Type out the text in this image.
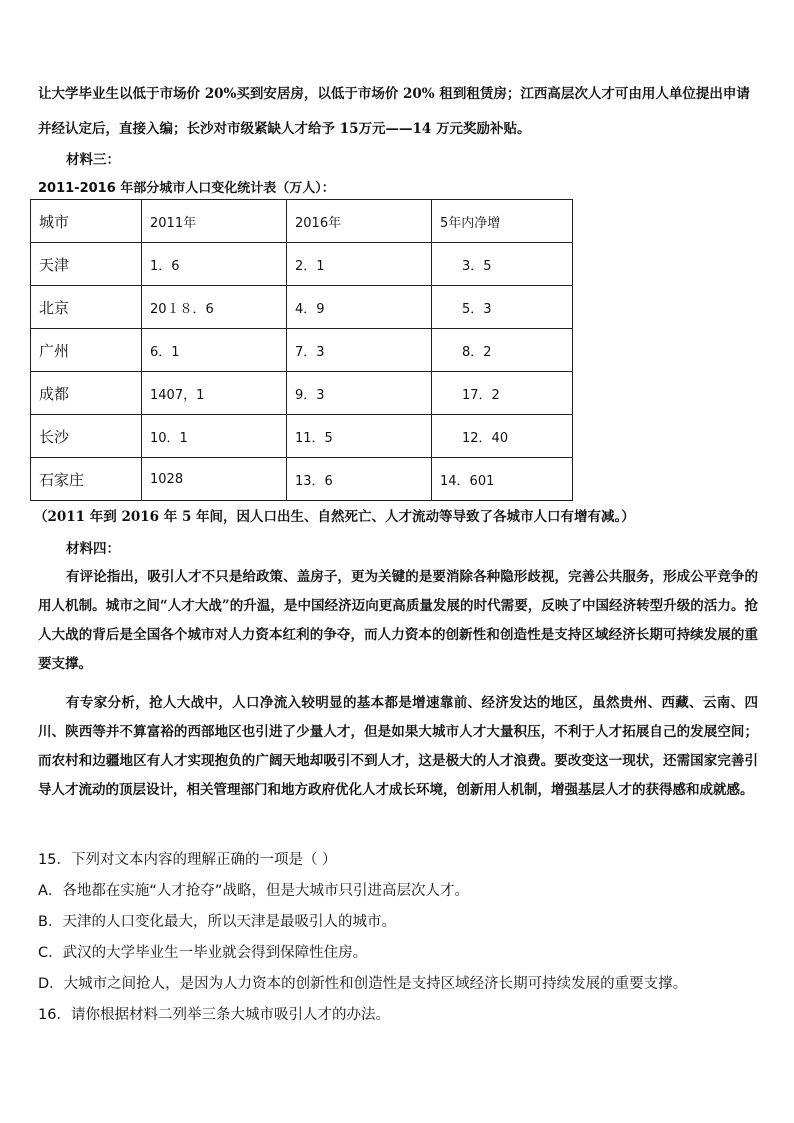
让大学毕业生以低于市场价 20%买到安居房，以低于市场价 20% 租到租赁房；江西高层次人才可由用人单位提出申请
并经认定后，直接入编；长沙对市级紧缺人才给予 15万元——14 万元奖励补贴。
材料三：
2011-2016 年部分城市人口变化统计表（万人）：
城市	2011年	2016年	5年内净增
天津	1．6	2．1	3．5
北京	20１８．6	4．9	5．3
广州	6．1	7．3	8．2
成都	1407，1	9．3	17．2
长沙	10．1	11．5	12．40
石家庄	1028	13．6	14．601
（2011 年到 2016 年 5 年间，因人口出生、自然死亡、人才流动等导致了各城市人口有增有减。）
材料四：
有评论指出，吸引人才不只是给政策、盖房子，更为关键的是要消除各种隐形歧视，完善公共服务，形成公平竞争的用人机制。城市之间“人才大战”的升温，是中国经济迈向更高质量发展的时代需要，反映了中国经济转型升级的活力。抢人大战的背后是全国各个城市对人力资本红利的争夺，而人力资本的创新性和创造性是支持区域经济长期可持续发展的重要支撑。
有专家分析，抢人大战中，人口净流入较明显的基本都是增速靠前、经济发达的地区，虽然贵州、西藏、云南、四川、陕西等并不算富裕的西部地区也引进了少量人才，但是如果大城市人才大量积压，不利于人才拓展自己的发展空间；而农村和边疆地区有人才实现抱负的广阔天地却吸引不到人才，这是极大的人才浪费。要改变这一现状，还需国家完善引导人才流动的顶层设计，相关管理部门和地方政府优化人才成长环境，创新用人机制，增强基层人才的获得感和成就感。
15．下列对文本内容的理解正确的一项是（ ）
A．各地都在实施“人才抢夺”战略，但是大城市只引进高层次人才。
B．天津的人口变化最大，所以天津是最吸引人的城市。
C．武汉的大学毕业生一毕业就会得到保障性住房。
D．大城市之间抢人，是因为人力资本的创新性和创造性是支持区域经济长期可持续发展的重要支撑。
16．请你根据材料二列举三条大城市吸引人才的办法。
